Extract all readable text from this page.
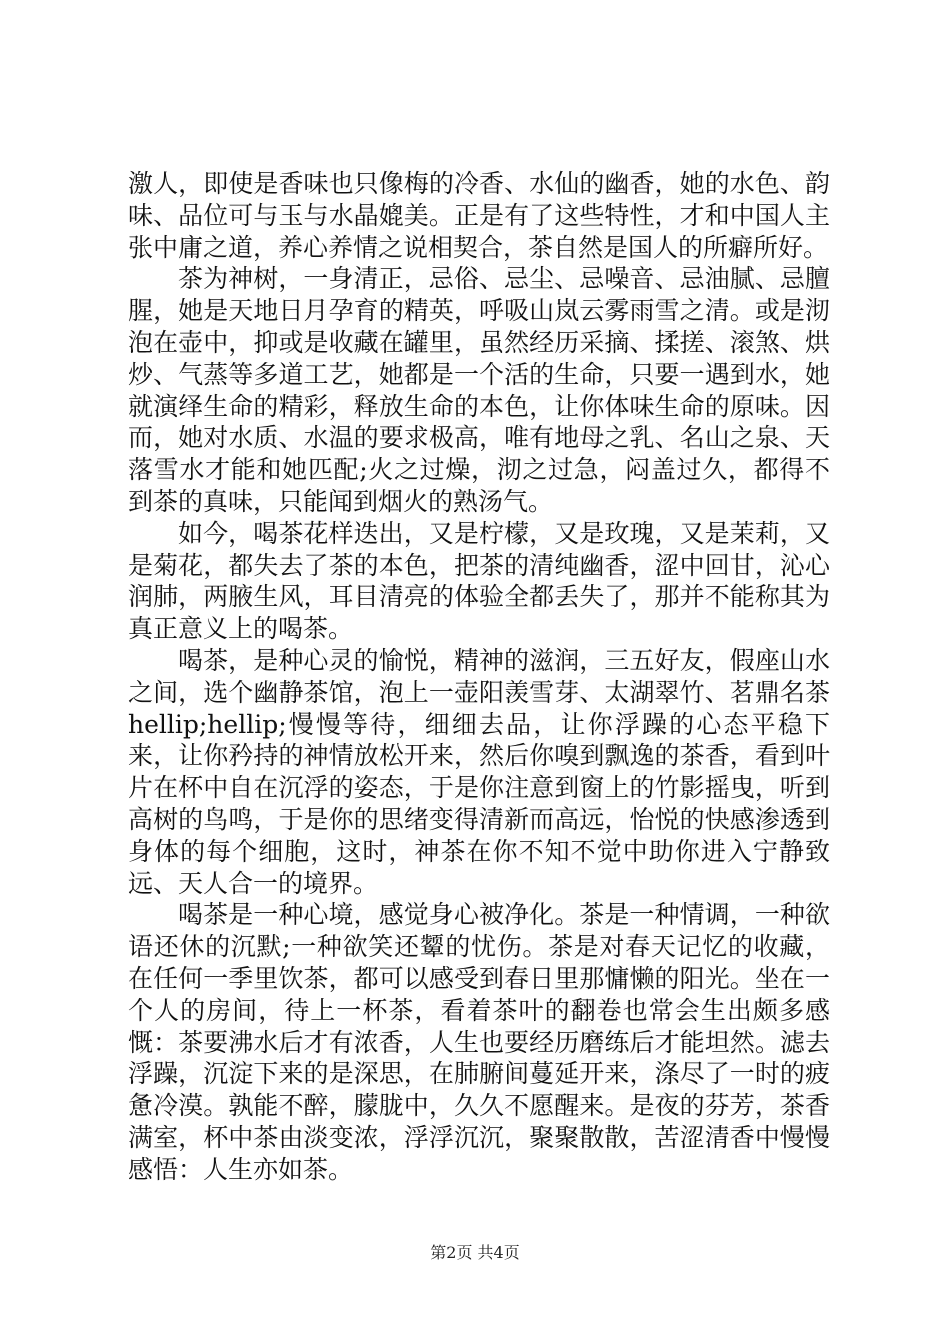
激人，即使是香味也只像梅的冷香、水仙的幽香，她的水色、韵味、品位可与玉与水晶媲美。正是有了这些特性，才和中国人主张中庸之道，养心养情之说相契合，茶自然是国人的所癖所好。

茶为神树，一身清正，忌俗、忌尘、忌噪音、忌油腻、忌膻腥，她是天地日月孕育的精英，呼吸山岚云雾雨雪之清。或是沏泡在壶中，抑或是收藏在罐里，虽然经历采摘、揉搓、滚煞、烘炒、气蒸等多道工艺，她都是一个活的生命，只要一遇到水，她就演绎生命的精彩，释放生命的本色，让你体味生命的原味。因而，她对水质、水温的要求极高，唯有地母之乳、名山之泉、天落雪水才能和她匹配;火之过燥，沏之过急，闷盖过久，都得不到茶的真味，只能闻到烟火的熟汤气。

如今，喝茶花样迭出，又是柠檬，又是玫瑰，又是茉莉，又是菊花，都失去了茶的本色，把茶的清纯幽香，涩中回甘，沁心润肺，两腋生风，耳目清亮的体验全都丢失了，那并不能称其为真正意义上的喝茶。

喝茶，是种心灵的愉悦，精神的滋润，三五好友，假座山水之间，选个幽静茶馆，泡上一壶阳羡雪芽、太湖翠竹、茗鼎名茶hellip;hellip;慢慢等待，细细去品，让你浮躁的心态平稳下来，让你矜持的神情放松开来，然后你嗅到飘逸的茶香，看到叶片在杯中自在沉浮的姿态，于是你注意到窗上的竹影摇曳，听到高树的鸟鸣，于是你的思绪变得清新而高远，怡悦的快感渗透到身体的每个细胞，这时，神茶在你不知不觉中助你进入宁静致远、天人合一的境界。

喝茶是一种心境，感觉身心被净化。茶是一种情调，一种欲语还休的沉默;一种欲笑还颦的忧伤。茶是对春天记忆的收藏，在任何一季里饮茶，都可以感受到春日里那慵懒的阳光。坐在一个人的房间，待上一杯茶，看着茶叶的翻卷也常会生出颇多感慨：茶要沸水后才有浓香，人生也要经历磨练后才能坦然。滤去浮躁，沉淀下来的是深思，在肺腑间蔓延开来，涤尽了一时的疲惫冷漠。孰能不醉，朦胧中，久久不愿醒来。是夜的芬芳，茶香满室，杯中茶由淡变浓，浮浮沉沉，聚聚散散，苦涩清香中慢慢感悟：人生亦如茶。

第2页 共4页
